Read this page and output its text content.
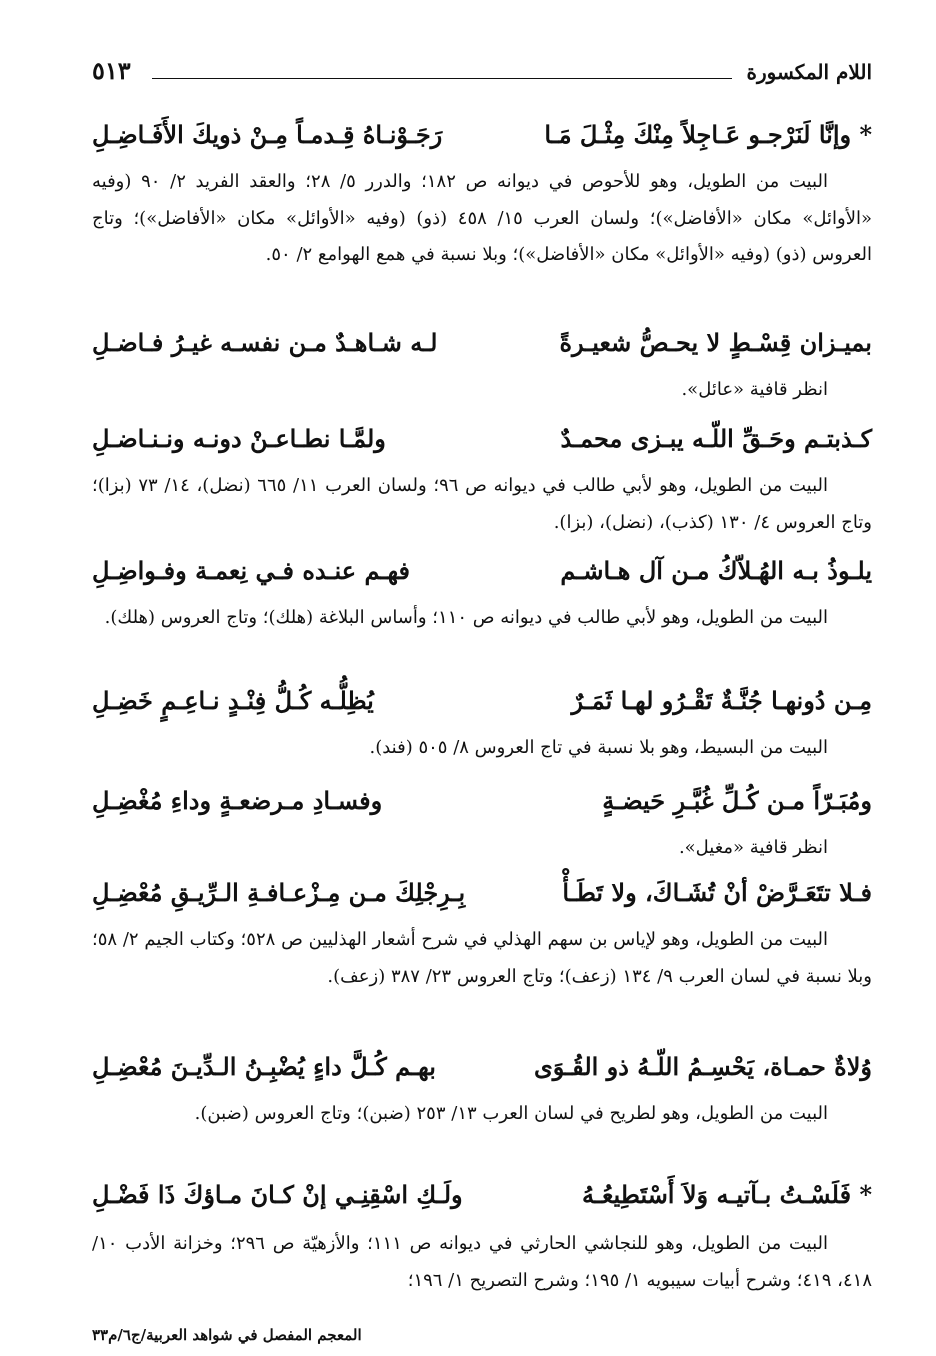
اللام المكسورة
٥١٣
* وإنَّا لَنَرْجـو عَـاجِلاً مِنْكَ مِثْـلَ مَـا
رَجَـوْنـاهُ قِـدمـاً مِـنْ ذويكَ الأَفَـاضِـلِ
البيت من الطويل، وهو للأحوص في ديوانه ص ١٨٢؛ والدرر ٥/ ٢٨؛ والعقد الفريد ٢/ ٩٠ (وفيه «الأوائل» مكان «الأفاضل»)؛ ولسان العرب ١٥/ ٤٥٨ (ذو) (وفيه «الأوائل» مكان «الأفاضل»)؛ وتاج العروس (ذو) (وفيه «الأوائل» مكان «الأفاضل»)؛ وبلا نسبة في همع الهوامع ٢/ ٥٠.
بميـزان قِسْـطٍ لا يحـصُّ شعيـرةً
لـه شـاهـدٌ مـن نفسـه غيـرُ فـاضـلِ
انظر قافية «عائل».
كـذبتـم وحَـقِّ اللّـه يبـزى محمـدٌ
ولمَّـا نطـاعـنْ دونـه ونـنـاضـلِ
البيت من الطويل، وهو لأبي طالب في ديوانه ص ٩٦؛ ولسان العرب ١١/ ٦٦٥ (نضل)، ١٤/ ٧٣ (بزا)؛ وتاج العروس ٤/ ١٣٠ (كذب)، (نضل)، (بزا).
يلـوذُ بـه الهُـلاّكُ مـن آل هـاشـم
فهـم عنـده فـي نِعمـة وفـواضِـلِ
البيت من الطويل، وهو لأبي طالب في ديوانه ص ١١٠؛ وأساس البلاغة (هلك)؛ وتاج العروس (هلك).
مِـن دُونهـا جُنَّـةٌ تَقْـرُو لهـا ثَمَـرٌ
يُظِلُّـه كُـلُّ فِنْـدٍ نـاعِـمٍ خَضِـلِ
البيت من البسيط، وهو بلا نسبة في تاج العروس ٨/ ٥٠٥ (فند).
ومُبَـرّاً مـن كُـلِّ غُبَّـرِ حَيضـةٍ
وفسـادِ مـرضعـةٍ وداءِ مُغْضِـلِ
انظر قافية «مغيل».
فـلا تتَعَـرَّضْ أنْ تُشَـاكَ، ولا تَطَـأْ
بِـرِجْلِكَ مـن مِـزْعـافـةِ الـرِّيـقِ مُعْضِـلِ
البيت من الطويل، وهو لإياس بن سهم الهذلي في شرح أشعار الهذليين ص ٥٢٨؛ وكتاب الجيم ٢/ ٥٨؛ وبلا نسبة في لسان العرب ٩/ ١٣٤ (زعف)؛ وتاج العروس ٢٣/ ٣٨٧ (زعف).
وُلاةٌ حمـاة، يَحْسِـمُ اللّـهُ ذو القُـوَى
بهـم كُـلَّ داءٍ يُضْبِـنُ الـدِّيـنَ مُعْضِـلِ
البيت من الطويل، وهو لطريح في لسان العرب ١٣/ ٢٥٣ (ضبن)؛ وتاج العروس (ضبن).
* فَلَسْـتُ بـآتيـه وَلاَ أَسْتَطِيعُـهُ
ولَـكِ اسْقِنِـي إنْ كـانَ مـاؤكَ ذَا فَضْـلِ
البيت من الطويل، وهو للنجاشي الحارثي في ديوانه ص ١١١؛ والأزهيّة ص ٢٩٦؛ وخزانة الأدب ١٠/ ٤١٨، ٤١٩؛ وشرح أبيات سيبويه ١/ ١٩٥؛ وشرح التصريح ١/ ١٩٦؛
المعجم المفصل في شواهد العربية/ج٦/م٣٣
